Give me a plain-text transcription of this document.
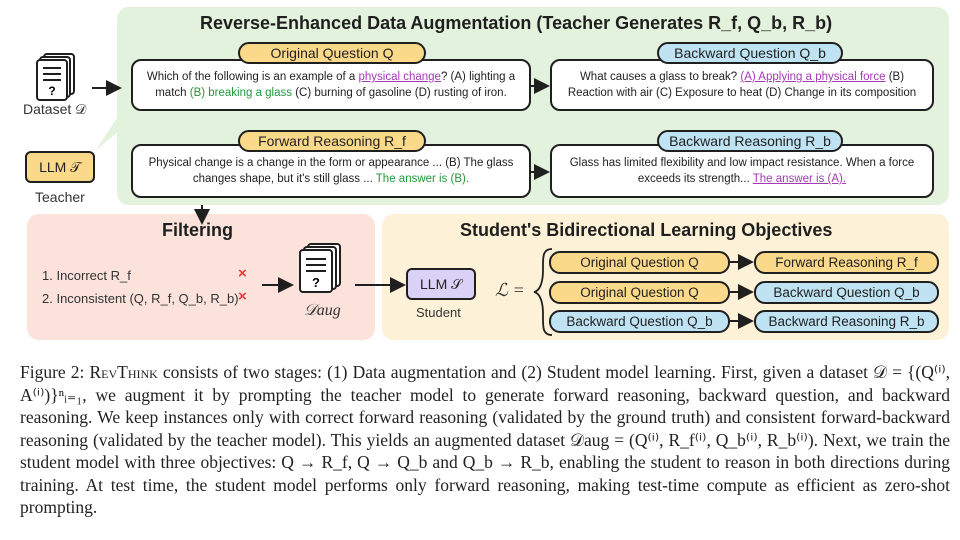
?
Dataset 𝒟
LLM 𝒯
Teacher
Reverse-Enhanced Data Augmentation (Teacher Generates R_f, Q_b, R_b)
Which of the following is an example of a physical change? (A) lighting a match (B) breaking a glass (C) burning of gasoline (D) rusting of iron.
Original Question Q
What causes a glass to break? (A) Applying a physical force (B) Reaction with air (C) Exposure to heat (D) Change in its composition
Backward Question Q_b
Physical change is a change in the form or appearance ... (B) The glass changes shape, but it's still glass ... The answer is (B).
Forward Reasoning R_f
Glass has limited flexibility and low impact resistance. When a force exceeds its strength... The answer is (A).
Backward Reasoning R_b
Filtering
1. Incorrect R_f	×
2. Inconsistent (Q, R_f, Q_b, R_b) ×
?
𝒟aug
Student's Bidirectional Learning Objectives
LLM 𝒮
Student
ℒ =
Original Question Q	Forward Reasoning R_f
Original Question Q	Backward Question Q_b
Backward Question Q_b	Backward Reasoning R_b
Figure 2: RevThink consists of two stages: (1) Data augmentation and (2) Student model learning. First, given a dataset 𝒟 = {(Q⁽ⁱ⁾, A⁽ⁱ⁾)}ⁿᵢ₌₁, we augment it by prompting the teacher model to generate forward reasoning, backward question, and backward reasoning. We keep instances only with correct forward reasoning (validated by the ground truth) and consistent forward-backward reasoning (validated by the teacher model). This yields an augmented dataset 𝒟aug = (Q⁽ⁱ⁾, R_f⁽ⁱ⁾, Q_b⁽ⁱ⁾, R_b⁽ⁱ⁾). Next, we train the student model with three objectives: Q → R_f, Q → Q_b and Q_b → R_b, enabling the student to reason in both directions during training. At test time, the student model performs only forward reasoning, making test-time compute as efficient as zero-shot prompting.
